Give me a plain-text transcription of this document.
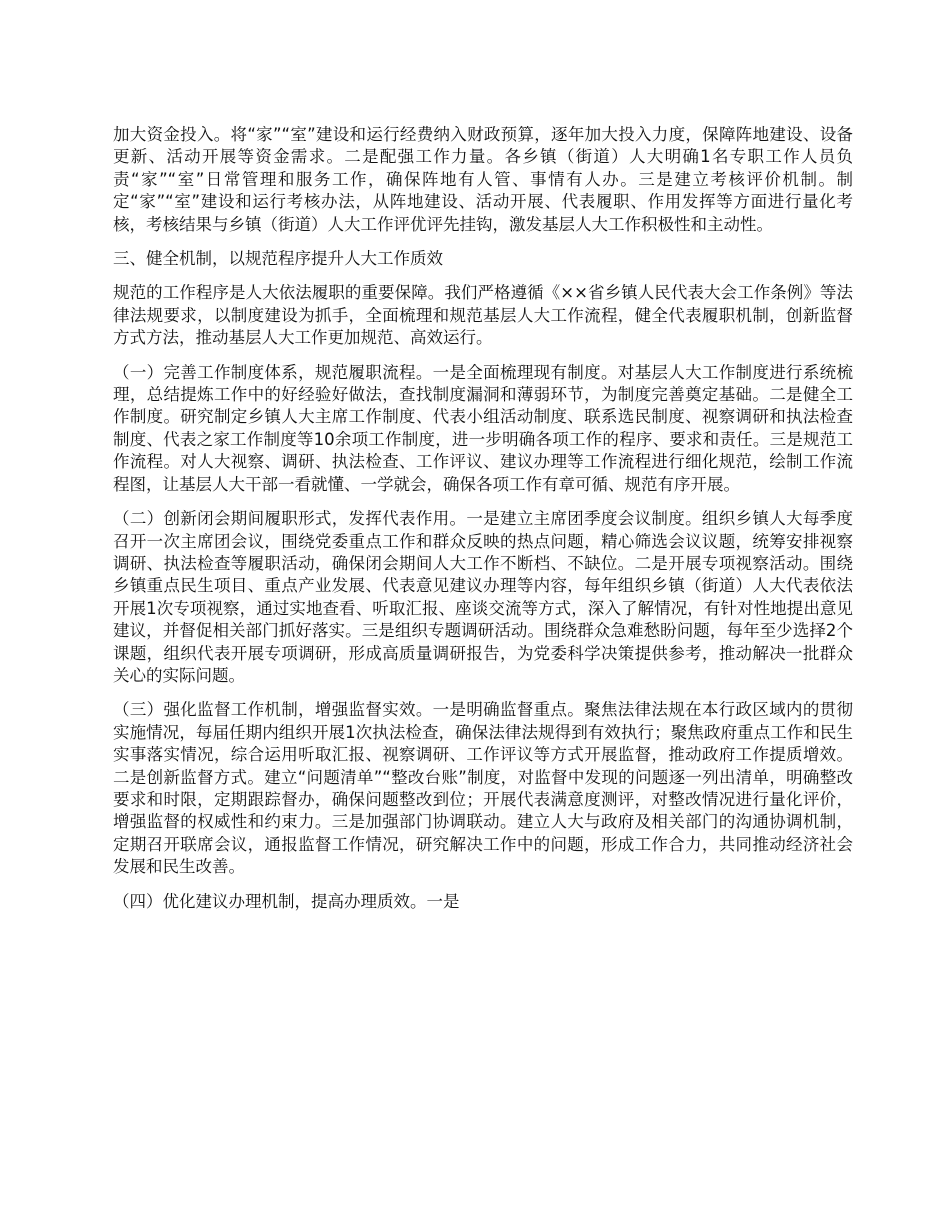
加大资金投入。将“家”“室”建设和运行经费纳入财政预算，逐年加大投入力度，保障阵地建设、设备更新、活动开展等资金需求。二是配强工作力量。各乡镇（街道）人大明确1名专职工作人员负责“家”“室”日常管理和服务工作，确保阵地有人管、事情有人办。三是建立考核评价机制。制定“家”“室”建设和运行考核办法，从阵地建设、活动开展、代表履职、作用发挥等方面进行量化考核，考核结果与乡镇（街道）人大工作评优评先挂钩，激发基层人大工作积极性和主动性。

三、健全机制，以规范程序提升人大工作质效

规范的工作程序是人大依法履职的重要保障。我们严格遵循《××省乡镇人民代表大会工作条例》等法律法规要求，以制度建设为抓手，全面梳理和规范基层人大工作流程，健全代表履职机制，创新监督方式方法，推动基层人大工作更加规范、高效运行。

（一）完善工作制度体系，规范履职流程。一是全面梳理现有制度。对基层人大工作制度进行系统梳理，总结提炼工作中的好经验好做法，查找制度漏洞和薄弱环节，为制度完善奠定基础。二是健全工作制度。研究制定乡镇人大主席工作制度、代表小组活动制度、联系选民制度、视察调研和执法检查制度、代表之家工作制度等10余项工作制度，进一步明确各项工作的程序、要求和责任。三是规范工作流程。对人大视察、调研、执法检查、工作评议、建议办理等工作流程进行细化规范，绘制工作流程图，让基层人大干部一看就懂、一学就会，确保各项工作有章可循、规范有序开展。

（二）创新闭会期间履职形式，发挥代表作用。一是建立主席团季度会议制度。组织乡镇人大每季度召开一次主席团会议，围绕党委重点工作和群众反映的热点问题，精心筛选会议议题，统筹安排视察调研、执法检查等履职活动，确保闭会期间人大工作不断档、不缺位。二是开展专项视察活动。围绕乡镇重点民生项目、重点产业发展、代表意见建议办理等内容，每年组织乡镇（街道）人大代表依法开展1次专项视察，通过实地查看、听取汇报、座谈交流等方式，深入了解情况，有针对性地提出意见建议，并督促相关部门抓好落实。三是组织专题调研活动。围绕群众急难愁盼问题，每年至少选择2个课题，组织代表开展专项调研，形成高质量调研报告，为党委科学决策提供参考，推动解决一批群众关心的实际问题。

（三）强化监督工作机制，增强监督实效。一是明确监督重点。聚焦法律法规在本行政区域内的贯彻实施情况，每届任期内组织开展1次执法检查，确保法律法规得到有效执行；聚焦政府重点工作和民生实事落实情况，综合运用听取汇报、视察调研、工作评议等方式开展监督，推动政府工作提质增效。二是创新监督方式。建立“问题清单”“整改台账”制度，对监督中发现的问题逐一列出清单，明确整改要求和时限，定期跟踪督办，确保问题整改到位；开展代表满意度测评，对整改情况进行量化评价，增强监督的权威性和约束力。三是加强部门协调联动。建立人大与政府及相关部门的沟通协调机制，定期召开联席会议，通报监督工作情况，研究解决工作中的问题，形成工作合力，共同推动经济社会发展和民生改善。

（四）优化建议办理机制，提高办理质效。一是
